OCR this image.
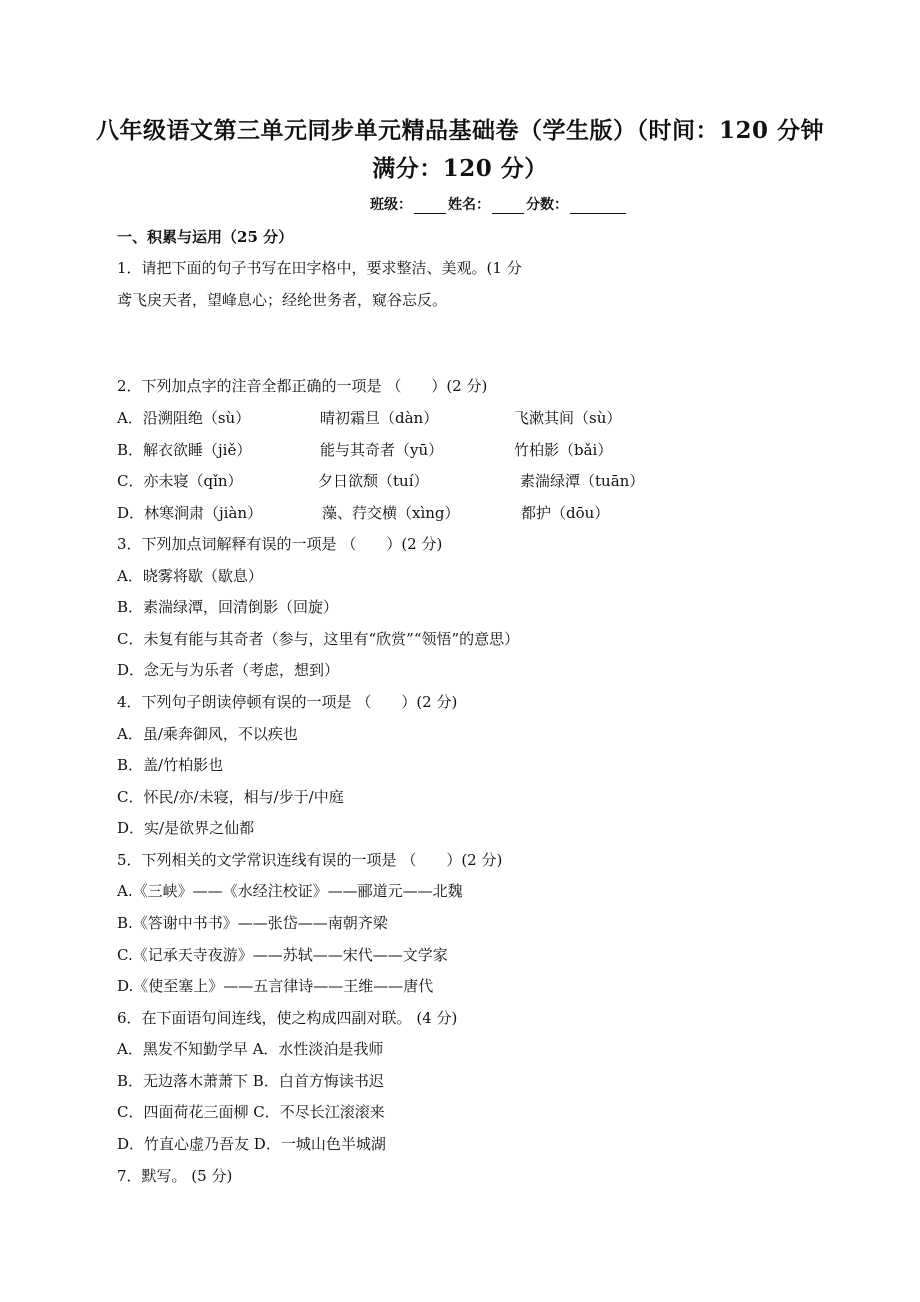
八年级语文第三单元同步单元精品基础卷（学生版）（时间：120 分钟
满分：120 分）
班级：	姓名：	分数：
一、积累与运用（25 分）
1．请把下面的句子书写在田字格中，要求整洁、美观。(1 分
鸢飞戾天者，望峰息心；经纶世务者，窥谷忘反。
2．下列加点字的注音全都正确的一项是 （　　）(2 分)
A．沿溯阻绝（sù）	晴初霜旦（dàn）	飞漱其间（sù）
B．解衣欲睡（jiě）	能与其奇者（yū）	竹柏影（bǎi）
C．亦未寝（qǐn）	夕日欲颓（tuí）	素湍绿潭（tuān）
D．林寒涧肃（jiàn）	藻、荇交横（xìng）	都护（dōu）
3．下列加点词解释有误的一项是 （　　）(2 分)
A．晓雾将歇（歇息）
B．素湍绿潭，回清倒影（回旋）
C．未复有能与其奇者（参与，这里有“欣赏”“领悟”的意思）
D．念无与为乐者（考虑，想到）
4．下列句子朗读停顿有误的一项是 （　　）(2 分)
A．虽/乘奔御风，不以疾也
B．盖/竹柏影也
C．怀民/亦/未寝，相与/步于/中庭
D．实/是欲界之仙都
5．下列相关的文学常识连线有误的一项是 （　　）(2 分)
A.《三峡》——《水经注校证》——郦道元——北魏
B.《答谢中书书》——张岱——南朝齐梁
C.《记承天寺夜游》——苏轼——宋代——文学家
D.《使至塞上》——五言律诗——王维——唐代
6．在下面语句间连线，使之构成四副对联。 (4 分)
A．黑发不知勤学早 A．水性淡泊是我师
B．无边落木萧萧下 B．白首方悔读书迟
C．四面荷花三面柳 C．不尽长江滚滚来
D．竹直心虚乃吾友 D．一城山色半城湖
7．默写。 (5 分)
